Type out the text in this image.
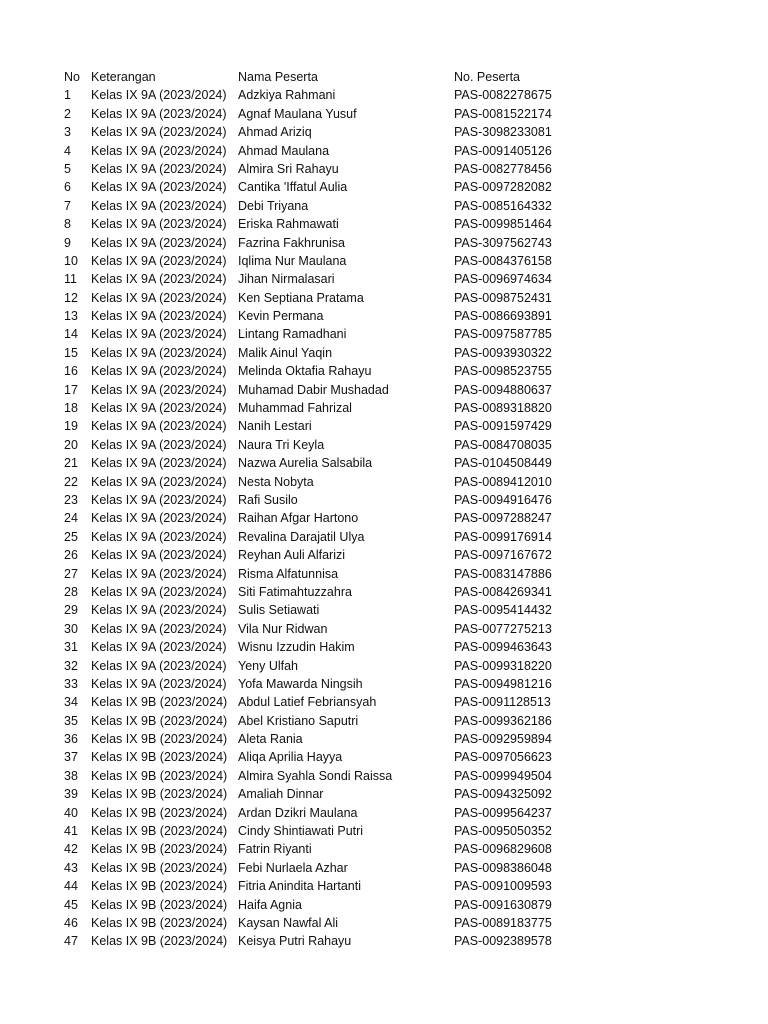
No Keterangan	Nama Peserta	No. Peserta
1 Kelas IX 9A (2023/2024) Adzkiya Rahmani	PAS-0082278675
2 Kelas IX 9A (2023/2024) Agnaf Maulana Yusuf	PAS-0081522174
3 Kelas IX 9A (2023/2024) Ahmad Ariziq	PAS-3098233081
4 Kelas IX 9A (2023/2024) Ahmad Maulana	PAS-0091405126
5 Kelas IX 9A (2023/2024) Almira Sri Rahayu	PAS-0082778456
6 Kelas IX 9A (2023/2024) Cantika 'Iffatul Aulia	PAS-0097282082
7 Kelas IX 9A (2023/2024) Debi Triyana	PAS-0085164332
8 Kelas IX 9A (2023/2024) Eriska Rahmawati	PAS-0099851464
9 Kelas IX 9A (2023/2024) Fazrina Fakhrunisa	PAS-3097562743
10 Kelas IX 9A (2023/2024) Iqlima Nur Maulana	PAS-0084376158
11 Kelas IX 9A (2023/2024) Jihan Nirmalasari	PAS-0096974634
12 Kelas IX 9A (2023/2024) Ken Septiana Pratama	PAS-0098752431
13 Kelas IX 9A (2023/2024) Kevin Permana	PAS-0086693891
14 Kelas IX 9A (2023/2024) Lintang Ramadhani	PAS-0097587785
15 Kelas IX 9A (2023/2024) Malik Ainul Yaqin	PAS-0093930322
16 Kelas IX 9A (2023/2024) Melinda Oktafia Rahayu	PAS-0098523755
17 Kelas IX 9A (2023/2024) Muhamad Dabir Mushadad	PAS-0094880637
18 Kelas IX 9A (2023/2024) Muhammad Fahrizal	PAS-0089318820
19 Kelas IX 9A (2023/2024) Nanih Lestari	PAS-0091597429
20 Kelas IX 9A (2023/2024) Naura Tri Keyla	PAS-0084708035
21 Kelas IX 9A (2023/2024) Nazwa Aurelia Salsabila	PAS-0104508449
22 Kelas IX 9A (2023/2024) Nesta Nobyta	PAS-0089412010
23 Kelas IX 9A (2023/2024) Rafi Susilo	PAS-0094916476
24 Kelas IX 9A (2023/2024) Raihan Afgar Hartono	PAS-0097288247
25 Kelas IX 9A (2023/2024) Revalina Darajatil Ulya	PAS-0099176914
26 Kelas IX 9A (2023/2024) Reyhan Auli Alfarizi	PAS-0097167672
27 Kelas IX 9A (2023/2024) Risma Alfatunnisa	PAS-0083147886
28 Kelas IX 9A (2023/2024) Siti Fatimahtuzzahra	PAS-0084269341
29 Kelas IX 9A (2023/2024) Sulis Setiawati	PAS-0095414432
30 Kelas IX 9A (2023/2024) Vila Nur Ridwan	PAS-0077275213
31 Kelas IX 9A (2023/2024) Wisnu Izzudin Hakim	PAS-0099463643
32 Kelas IX 9A (2023/2024) Yeny Ulfah	PAS-0099318220
33 Kelas IX 9A (2023/2024) Yofa Mawarda Ningsih	PAS-0094981216
34 Kelas IX 9B (2023/2024) Abdul Latief Febriansyah	PAS-0091128513
35 Kelas IX 9B (2023/2024) Abel Kristiano Saputri	PAS-0099362186
36 Kelas IX 9B (2023/2024) Aleta Rania	PAS-0092959894
37 Kelas IX 9B (2023/2024) Aliqa Aprilia Hayya	PAS-0097056623
38 Kelas IX 9B (2023/2024) Almira Syahla Sondi Raissa	PAS-0099949504
39 Kelas IX 9B (2023/2024) Amaliah Dinnar	PAS-0094325092
40 Kelas IX 9B (2023/2024) Ardan Dzikri Maulana	PAS-0099564237
41 Kelas IX 9B (2023/2024) Cindy Shintiawati Putri	PAS-0095050352
42 Kelas IX 9B (2023/2024) Fatrin Riyanti	PAS-0096829608
43 Kelas IX 9B (2023/2024) Febi Nurlaela Azhar	PAS-0098386048
44 Kelas IX 9B (2023/2024) Fitria Anindita Hartanti	PAS-0091009593
45 Kelas IX 9B (2023/2024) Haifa Agnia	PAS-0091630879
46 Kelas IX 9B (2023/2024) Kaysan Nawfal Ali	PAS-0089183775
47 Kelas IX 9B (2023/2024) Keisya Putri Rahayu	PAS-0092389578
